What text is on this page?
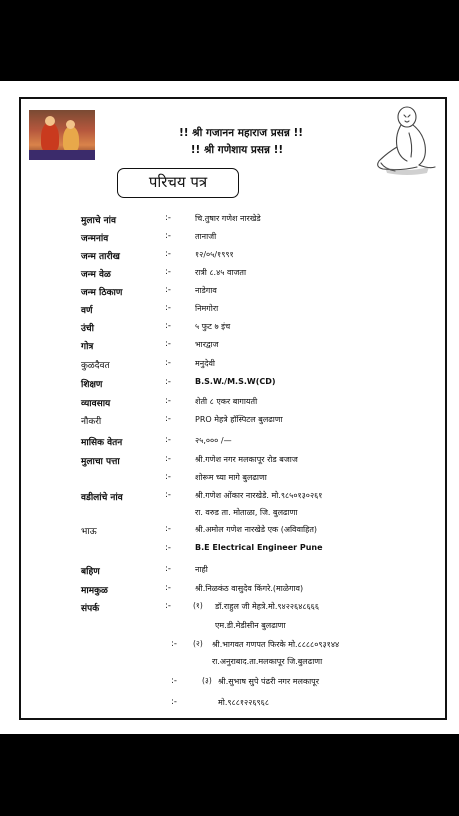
!! श्री गजानन महाराज प्रसन्न !!
!! श्री गणेशाय प्रसन्न !!
परिचय पत्र
मुलाचे नांव	:-	चि.तुषार गणेश नारखेडे
जन्मनांव	:-	तानाजी
जन्म तारीख	:-	१२/०५/१९९१
जन्म वेळ	:-	रात्री ८.४५ वाजता
जन्म ठिकाण	:-	नाडेगाव
वर्ण	:-	निमगोरा
उंची	:-	५ फुट ७ इंच
गोत्र	:-	भारद्वाज
कुळदैवत	:-	मनुदेवी
शिक्षण	:-	B.S.W./M.S.W(CD)
व्यावसाय	:-	शेती ८ एकर बागायती
नौकरी	:-	PRO मेहत्रे हॉस्पिटल बुलढाणा
मासिक वेतन	:-	२५,००० /—
मुलाचा पत्ता	:-	श्री.गणेश नगर मलकापूर रोड बजाज
:-	शोरूम च्या मागे बुलढाणा
वडीलांचे नांव	:-	श्री.गणेश ओंकार नारखेडे. मो.९८५०१३०२६१
रा. वरुड ता. मोताळा, जि. बुलढाणा
भाऊ	:-	श्री.अमोल गणेश नारखेडे एक (अविवाहित)
:-	B.E Electrical Engineer Pune
बहिण	:-	नाही
मामकुळ	:-	श्री.निळकंठ वासुदेव किंगरे.(माळेगाव)
संपर्क	:-	(१) डॉ.राहुल जी मेहत्रे.मो.९४२२६४८६६६
एम.डी.मेडीसीन बुलढाणा
:- (२) श्री.भागवत गणपत फिरके मो.८८८८०९३१४४
रा.अनुराबाद.ता.मलकापूर जि.बुलढाणा
:-	(३) श्री.सुभाष सुपे पंढरी नगर मलकापूर
:-	मो.९८८१२२६९६८
